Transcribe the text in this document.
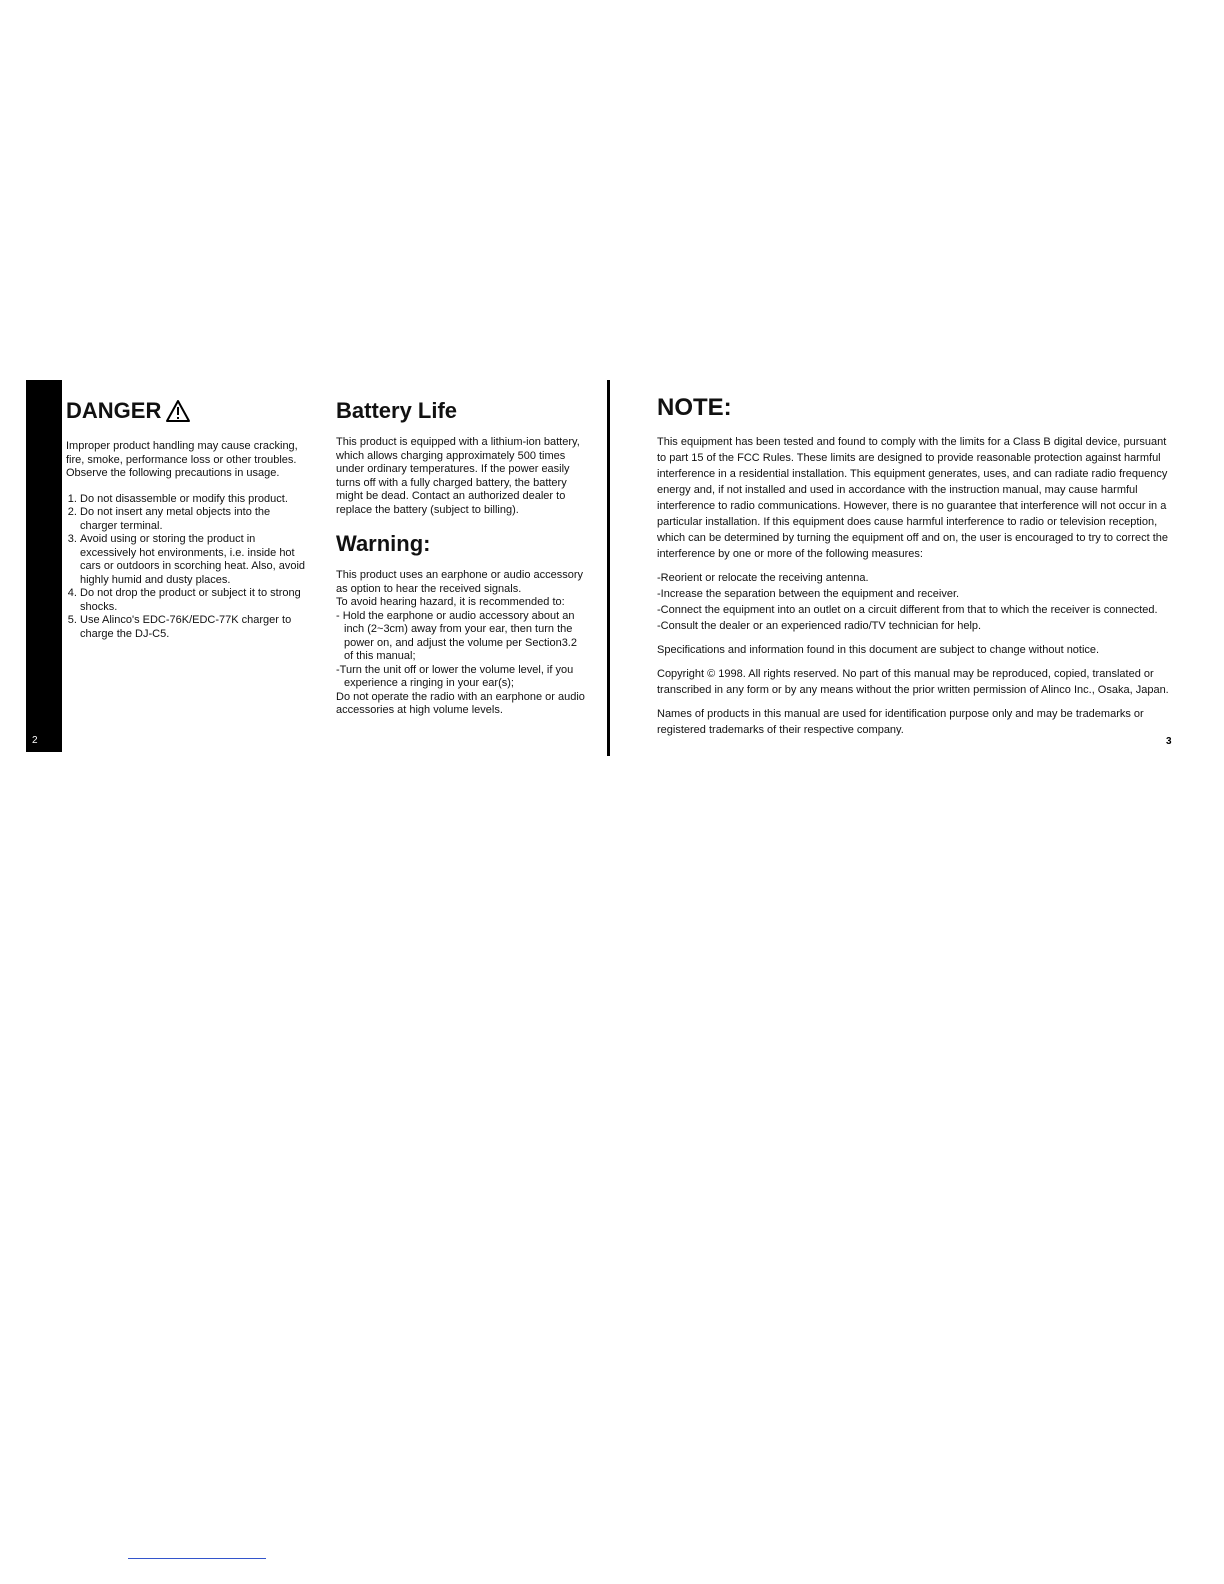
2	3
DANGER

Improper product handling may cause cracking, fire, smoke, performance loss or other troubles. Observe the following precautions in usage.

1. Do not disassemble or modify this product.
2. Do not insert any metal objects into the charger terminal.
3. Avoid using or storing the product in excessively hot environments, i.e. inside hot cars or outdoors in scorching heat. Also, avoid highly humid and dusty places.
4. Do not drop the product or subject it to strong shocks.
5. Use Alinco's EDC-76K/EDC-77K charger to charge the DJ-C5.
Battery Life

This product is equipped with a lithium-ion battery, which allows charging approximately 500 times under ordinary temperatures. If the power easily turns off with a fully charged battery, the battery might be dead. Contact an authorized dealer to replace the battery (subject to billing).

Warning:

This product uses an earphone or audio accessory as option to hear the received signals.

To avoid hearing hazard, it is recommended to:

- Hold the earphone or audio accessory about an inch (2~3cm) away from your ear, then turn the power on, and adjust the volume per Section3.2 of this manual;
-Turn the unit off or lower the volume level, if you experience a ringing in your ear(s);

Do not operate the radio with an earphone or audio accessories at high volume levels.

NOTE:

This equipment has been tested and found to comply with the limits for a Class B digital device, pursuant to part 15 of the FCC Rules. These limits are designed to provide reasonable protection against harmful interference in a residential installation. This equipment generates, uses, and can radiate radio frequency energy and, if not installed and used in accordance with the instruction manual, may cause harmful interference to radio communications. However, there is no guarantee that interference will not occur in a particular installation. If this equipment does cause harmful interference to radio or television reception, which can be determined by turning the equipment off and on, the user is encouraged to try to correct the interference by one or more of the following measures:

-Reorient or relocate the receiving antenna.

-Increase the separation between the equipment and receiver.

-Connect the equipment into an outlet on a circuit different from that to which the receiver is connected.

-Consult the dealer or an experienced radio/TV technician for help.

Specifications and information found in this document are subject to change without notice.

Copyright © 1998. All rights reserved. No part of this manual may be reproduced, copied, translated or transcribed in any form or by any means without the prior written permission of Alinco Inc., Osaka, Japan.

Names of products in this manual are used for identification purpose only and may be trademarks or registered trademarks of their respective company.
